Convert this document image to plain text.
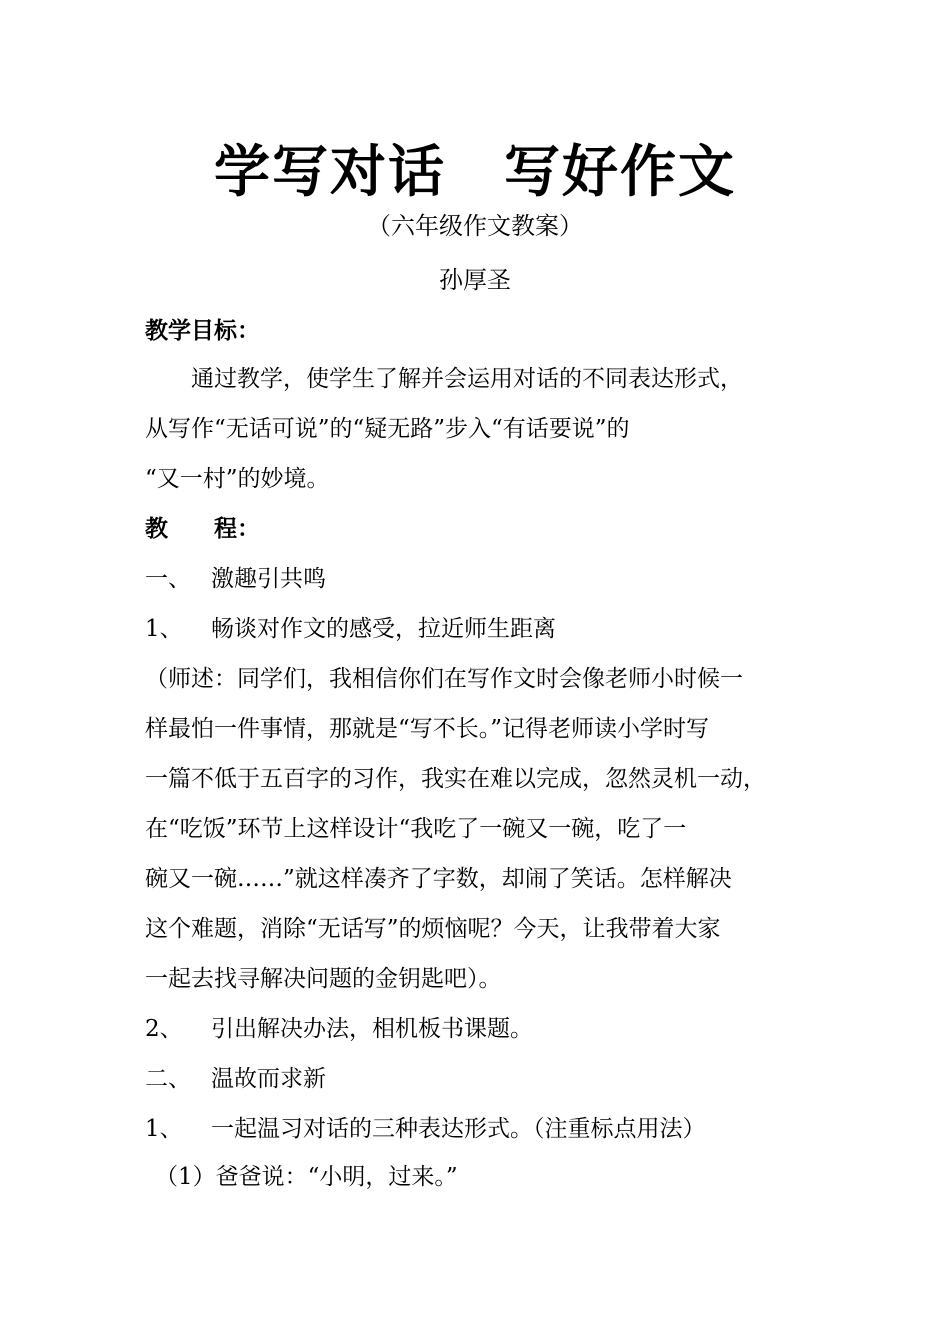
学写对话　写好作文
（六年级作文教案）
孙厚圣
教学目标：
　　通过教学，使学生了解并会运用对话的不同表达形式，
从写作“无话可说”的“疑无路”步入“有话要说”的
“又一村”的妙境。
教　　程：
一、 激趣引共鸣
1、 畅谈对作文的感受，拉近师生距离
（师述：同学们，我相信你们在写作文时会像老师小时候一
样最怕一件事情，那就是“写不长。”记得老师读小学时写
一篇不低于五百字的习作，我实在难以完成，忽然灵机一动，
在“吃饭”环节上这样设计“我吃了一碗又一碗，吃了一
碗又一碗……”就这样凑齐了字数，却闹了笑话。怎样解决
这个难题，消除“无话写”的烦恼呢？今天，让我带着大家
一起去找寻解决问题的金钥匙吧）。
2、 引出解决办法，相机板书课题。
二、 温故而求新
1、 一起温习对话的三种表达形式。（注重标点用法）
（1）爸爸说：“小明，过来。”
